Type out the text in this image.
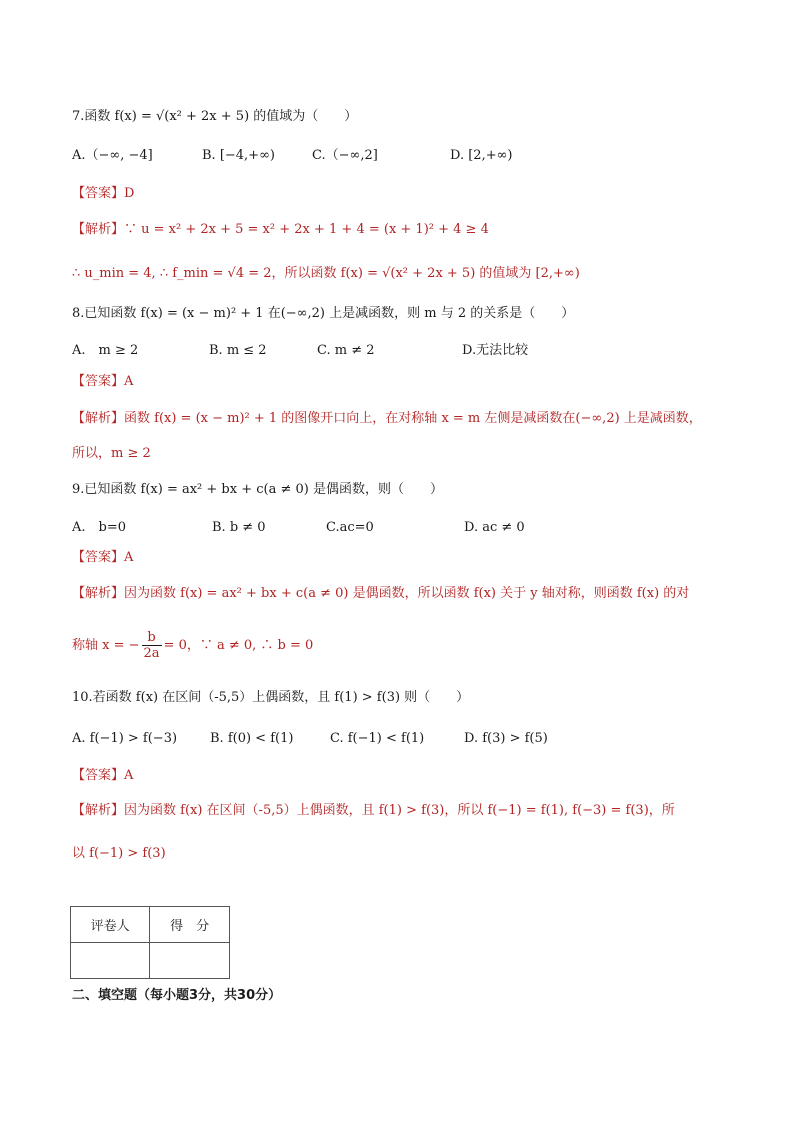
7.函数 f(x) = √(x² + 2x + 5) 的值域为（　　）
A.（−∞, −4]	B. [−4,+∞)	C.（−∞,2]	D. [2,+∞)
【答案】D
【解析】∵ u = x² + 2x + 5 = x² + 2x + 1 + 4 = (x + 1)² + 4 ≥ 4
∴ u_min = 4, ∴ f_min = √4 = 2，所以函数 f(x) = √(x² + 2x + 5) 的值域为 [2,+∞)
8.已知函数 f(x) = (x − m)² + 1 在(−∞,2) 上是减函数，则 m 与 2 的关系是（　　）
A.　m ≥ 2	B. m ≤ 2	C. m ≠ 2	D.无法比较
【答案】A
【解析】函数 f(x) = (x − m)² + 1 的图像开口向上，在对称轴 x = m 左侧是减函数在(−∞,2) 上是减函数，
所以，m ≥ 2
9.已知函数 f(x) = ax² + bx + c(a ≠ 0) 是偶函数，则（　　）
A.　b=0	B. b ≠ 0	C.ac=0	D. ac ≠ 0
【答案】A
【解析】因为函数 f(x) = ax² + bx + c(a ≠ 0) 是偶函数，所以函数 f(x) 关于 y 轴对称，则函数 f(x) 的对
称轴 x = − $\frac{b}{2a} = 0$，∵ a ≠ 0, ∴ b = 0
10.若函数 f(x) 在区间（-5,5）上偶函数，且 f(1) > f(3) 则（　　）
A. f(−1) > f(−3)	B. f(0) < f(1)	C. f(−1) < f(1)	D. f(3) > f(5)
【答案】A
【解析】因为函数 f(x) 在区间（-5,5）上偶函数，且 f(1) > f(3)，所以 f(−1) = f(1), f(−3) = f(3)，所
以 f(−1) > f(3)
评卷人	得　分

二、填空题（每小题3分，共30分）
